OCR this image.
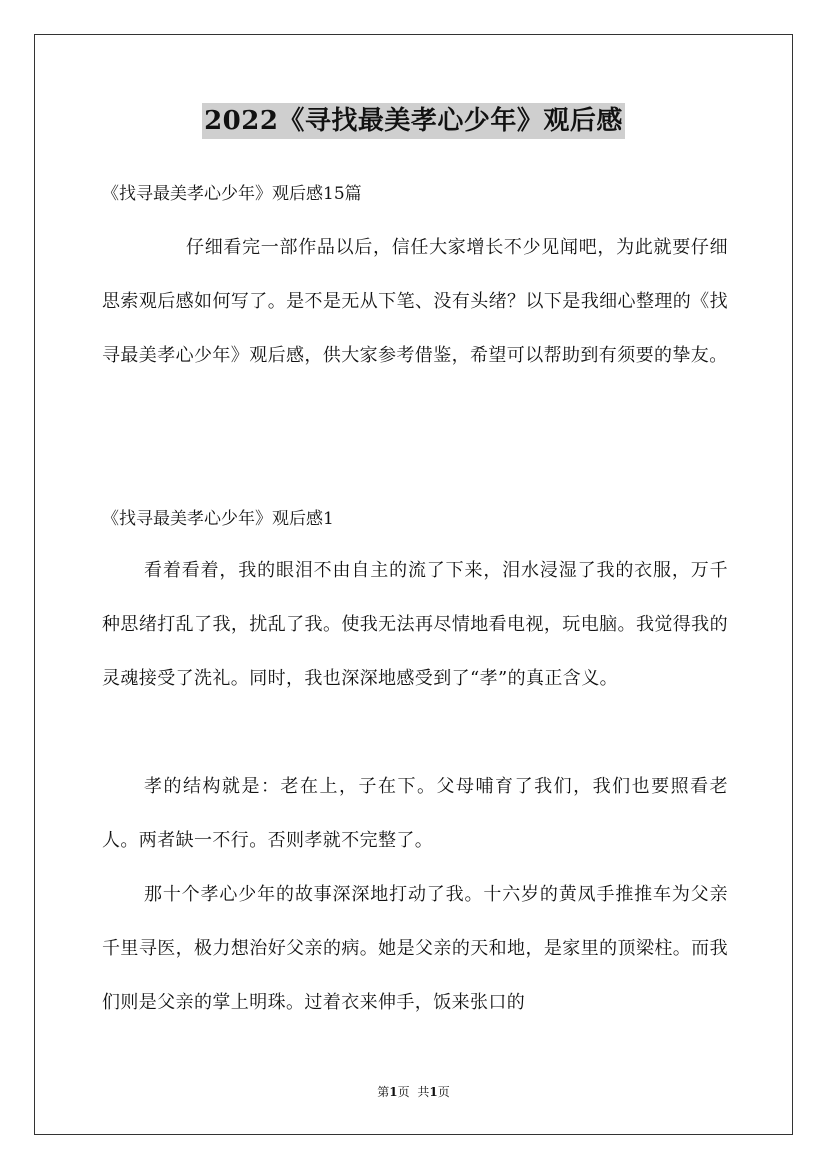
2022《寻找最美孝心少年》观后感
《找寻最美孝心少年》观后感15篇

仔细看完一部作品以后，信任大家增长不少见闻吧，为此就要仔细思索观后感如何写了。是不是无从下笔、没有头绪？以下是我细心整理的《找寻最美孝心少年》观后感，供大家参考借鉴，希望可以帮助到有须要的挚友。

《找寻最美孝心少年》观后感1

看着看着，我的眼泪不由自主的流了下来，泪水浸湿了我的衣服，万千种思绪打乱了我，扰乱了我。使我无法再尽情地看电视，玩电脑。我觉得我的灵魂接受了洗礼。同时，我也深深地感受到了“孝”的真正含义。

孝的结构就是：老在上，子在下。父母哺育了我们，我们也要照看老人。两者缺一不行。否则孝就不完整了。

那十个孝心少年的故事深深地打动了我。十六岁的黄凤手推推车为父亲千里寻医，极力想治好父亲的病。她是父亲的天和地，是家里的顶梁柱。而我们则是父亲的掌上明珠。过着衣来伸手，饭来张口的

第1页 共1页
